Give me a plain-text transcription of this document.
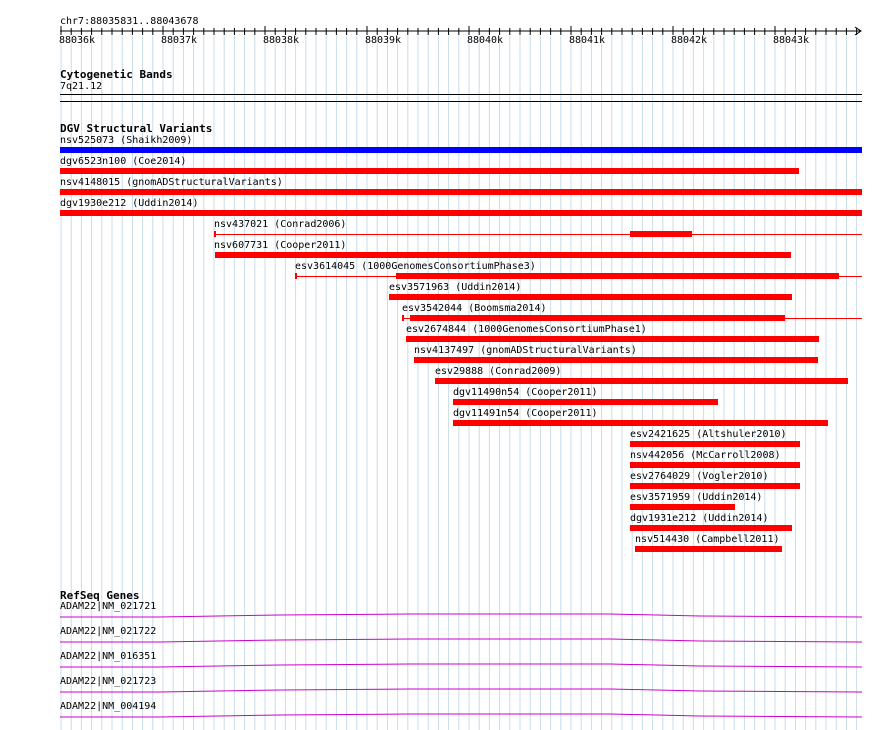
chr7:88035831..88043678
88036k	88037k	88038k	88039k	88040k	88041k	88042k	88043k
Cytogenetic Bands
7q21.12
DGV Structural Variants
nsv525073 (Shaikh2009)
dgv6523n100 (Coe2014)
nsv4148015 (gnomADStructuralVariants)
dgv1930e212 (Uddin2014)
nsv437021 (Conrad2006)
nsv607731 (Cooper2011)
esv3614045 (1000GenomesConsortiumPhase3)
esv3571963 (Uddin2014)
esv3542044 (Boomsma2014)
esv2674844 (1000GenomesConsortiumPhase1)
nsv4137497 (gnomADStructuralVariants)
esv29888 (Conrad2009)
dgv11490n54 (Cooper2011)
dgv11491n54 (Cooper2011)
esv2421625 (Altshuler2010)
nsv442056 (McCarroll2008)
esv2764029 (Vogler2010)
esv3571959 (Uddin2014)
dgv1931e212 (Uddin2014)
nsv514430 (Campbell2011)
RefSeq Genes
ADAM22|NM_021721
ADAM22|NM_021722
ADAM22|NM_016351
ADAM22|NM_021723
ADAM22|NM_004194
